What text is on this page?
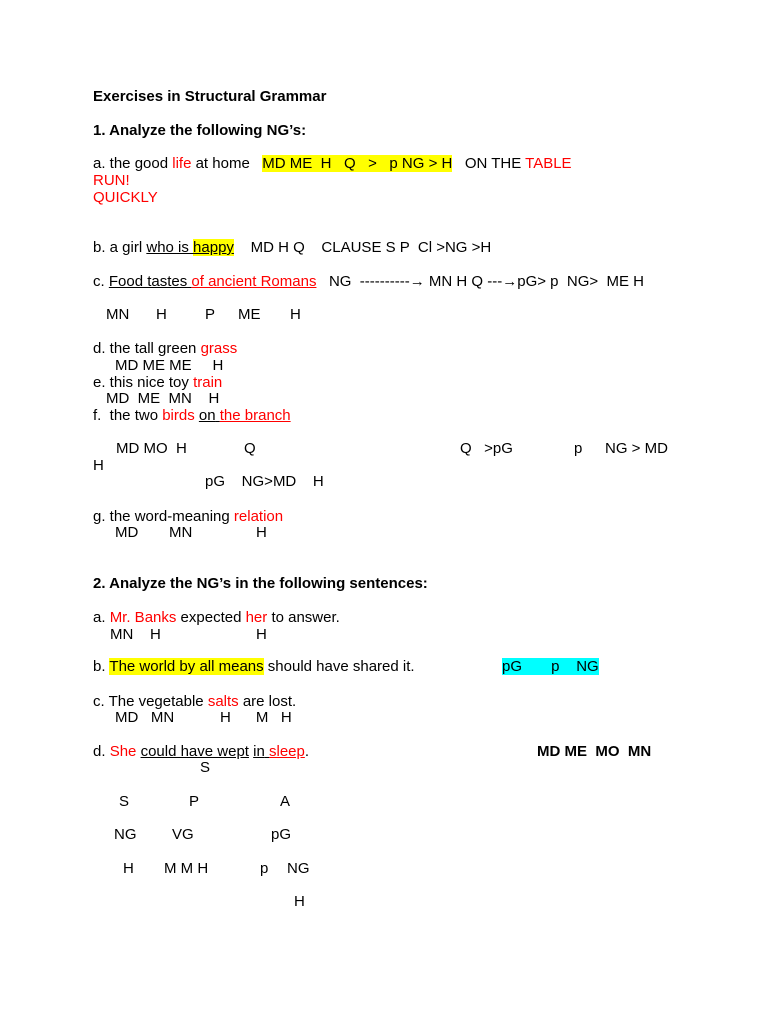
Exercises in Structural Grammar
1. Analyze the following NG’s:
a. the good life at home   MD ME  H   Q   >   p NG > H   ON THE TABLE
RUN!
QUICKLY
b. a girl who is happy    MD H Q    CLAUSE S P  Cl >NG >H
c. Food tastes of ancient Romans   NG  ----------→ MN H Q ---→pG> p  NG>  ME H
MN H	P ME H
d. the tall green grass
MD ME ME     H
e. this nice toy train
MD  ME  MN    H
f.  the two birds on the branch
MD MO  H	Q	Q   >pG	p NG > MD
H
pG    NG>MD    H
g. the word-meaning relation
MD MN	H
2. Analyze the NG’s in the following sentences:
a. Mr. Banks expected her to answer.
MN    H	H
b. The world by all means should have shared it.	pG       p    NG
c. The vegetable salts are lost.
MD   MN           H      M   H
d. She could have wept in sleep.	MD ME  MO  MN
S
S	P	A
NG VG	pG
H M M H	p NG
H
